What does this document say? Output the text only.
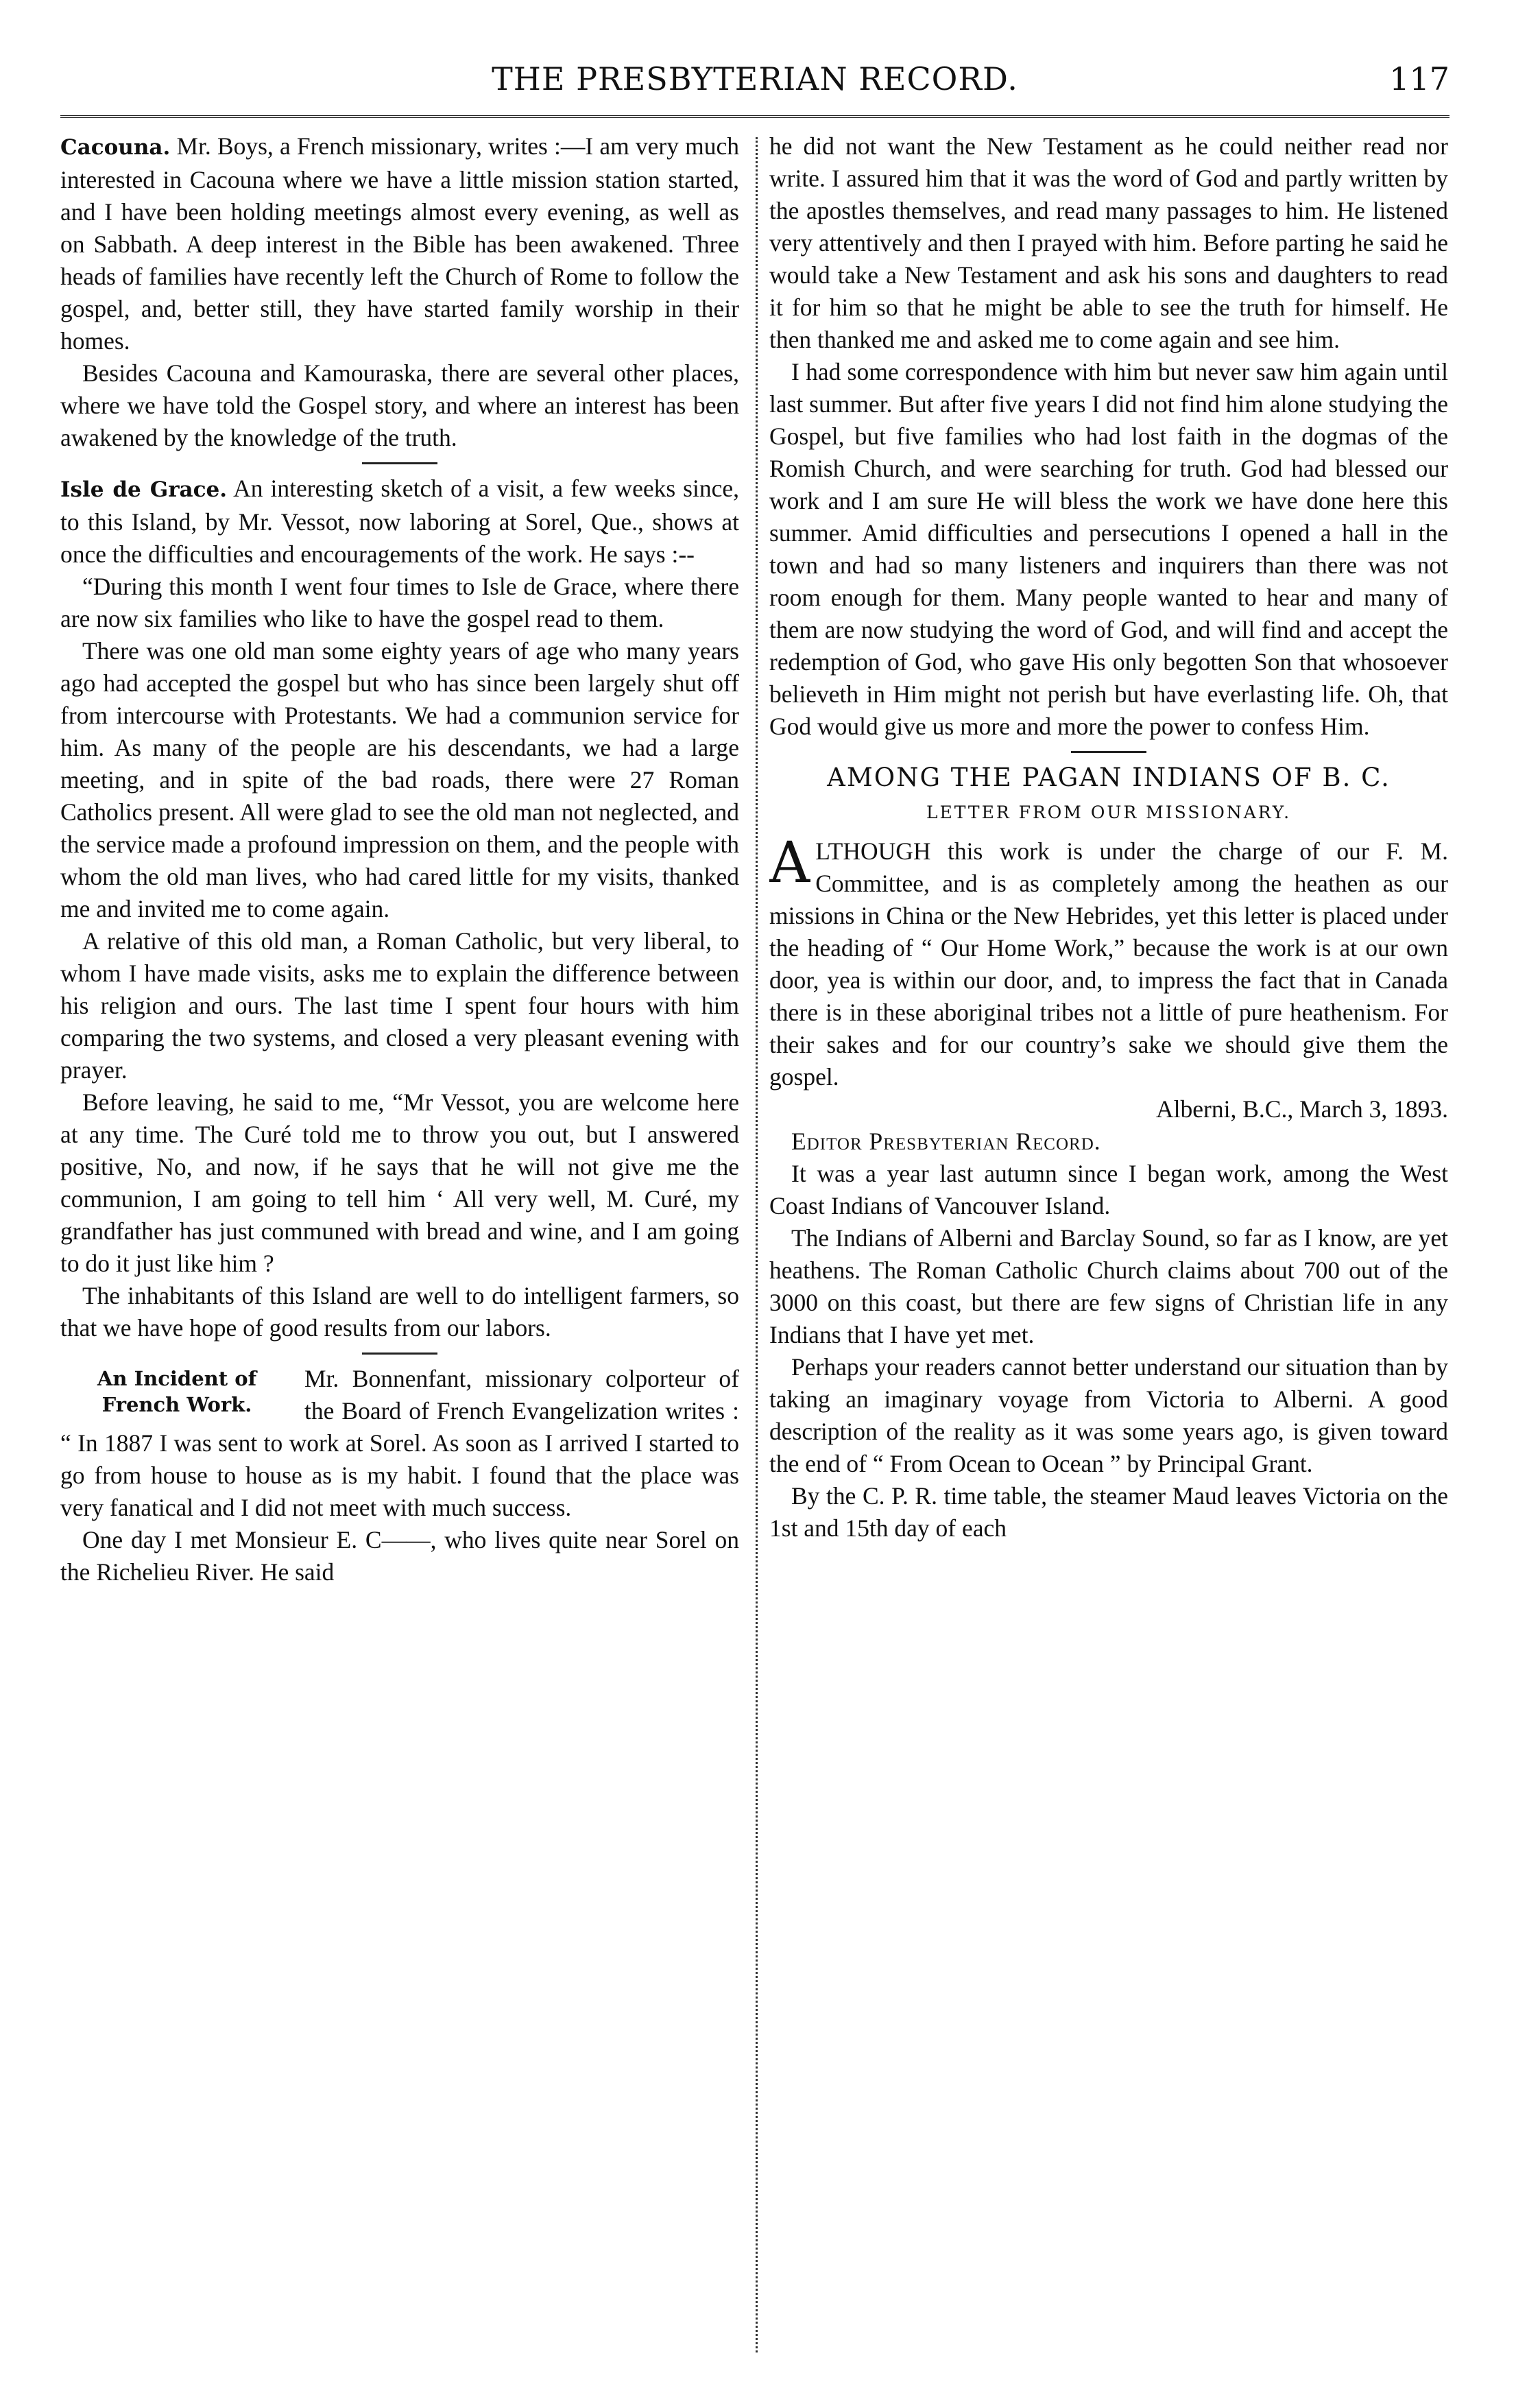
THE PRESBYTERIAN RECORD.	117

Cacouna. Mr. Boys, a French missionary, writes :—I am very much interested in Cacouna where we have a little mission station started, and I have been holding meetings almost every evening, as well as on Sabbath. A deep interest in the Bible has been awakened. Three heads of families have recently left the Church of Rome to follow the gospel, and, better still, they have started family worship in their homes.

Besides Cacouna and Kamouraska, there are several other places, where we have told the Gospel story, and where an interest has been awakened by the knowledge of the truth.

Isle de Grace. An interesting sketch of a visit, a few weeks since, to this Island, by Mr. Vessot, now laboring at Sorel, Que., shows at once the difficulties and encouragements of the work. He says :--

“During this month I went four times to Isle de Grace, where there are now six families who like to have the gospel read to them.

There was one old man some eighty years of age who many years ago had accepted the gospel but who has since been largely shut off from intercourse with Protestants. We had a communion service for him. As many of the people are his descendants, we had a large meeting, and in spite of the bad roads, there were 27 Roman Catholics present. All were glad to see the old man not neglected, and the service made a profound impression on them, and the people with whom the old man lives, who had cared little for my visits, thanked me and invited me to come again.

A relative of this old man, a Roman Catholic, but very liberal, to whom I have made visits, asks me to explain the difference between his religion and ours. The last time I spent four hours with him comparing the two systems, and closed a very pleasant evening with prayer.

Before leaving, he said to me, “Mr Vessot, you are welcome here at any time. The Curé told me to throw you out, but I answered positive, No, and now, if he says that he will not give me the communion, I am going to tell him ‘ All very well, M. Curé, my grandfather has just communed with bread and wine, and I am going to do it just like him ?

The inhabitants of this Island are well to do intelligent farmers, so that we have hope of good results from our labors.

An Incident of French Work.
Mr. Bonnenfant, missionary colporteur of the Board of French Evangelization writes : “ In 1887 I was sent to work at Sorel. As soon as I arrived I started to go from house to house as is my habit. I found that the place was very fanatical and I did not meet with much success.

One day I met Monsieur E. C——, who lives quite near Sorel on the Richelieu River. He said

he did not want the New Testament as he could neither read nor write. I assured him that it was the word of God and partly written by the apostles themselves, and read many passages to him. He listened very attentively and then I prayed with him. Before parting he said he would take a New Testament and ask his sons and daughters to read it for him so that he might be able to see the truth for himself. He then thanked me and asked me to come again and see him.

I had some correspondence with him but never saw him again until last summer. But after five years I did not find him alone studying the Gospel, but five families who had lost faith in the dogmas of the Romish Church, and were searching for truth. God had blessed our work and I am sure He will bless the work we have done here this summer. Amid difficulties and persecutions I opened a hall in the town and had so many listeners and inquirers than there was not room enough for them. Many people wanted to hear and many of them are now studying the word of God, and will find and accept the redemption of God, who gave His only begotten Son that whosoever believeth in Him might not perish but have everlasting life. Oh, that God would give us more and more the power to confess Him.

AMONG THE PAGAN INDIANS OF B. C.
LETTER FROM OUR MISSIONARY.

A LTHOUGH this work is under the charge of our F. M. Committee, and is as completely among the heathen as our missions in China or the New Hebrides, yet this letter is placed under the heading of “ Our Home Work,” because the work is at our own door, yea is within our door, and, to impress the fact that in Canada there is in these aboriginal tribes not a little of pure heathenism. For their sakes and for our country’s sake we should give them the gospel.

Alberni, B.C., March 3, 1893.

Editor Presbyterian Record.

It was a year last autumn since I began work, among the West Coast Indians of Vancouver Island.

The Indians of Alberni and Barclay Sound, so far as I know, are yet heathens. The Roman Catholic Church claims about 700 out of the 3000 on this coast, but there are few signs of Christian life in any Indians that I have yet met.

Perhaps your readers cannot better understand our situation than by taking an imaginary voyage from Victoria to Alberni. A good description of the reality as it was some years ago, is given toward the end of “ From Ocean to Ocean ” by Principal Grant.

By the C. P. R. time table, the steamer Maud leaves Victoria on the 1st and 15th day of each
